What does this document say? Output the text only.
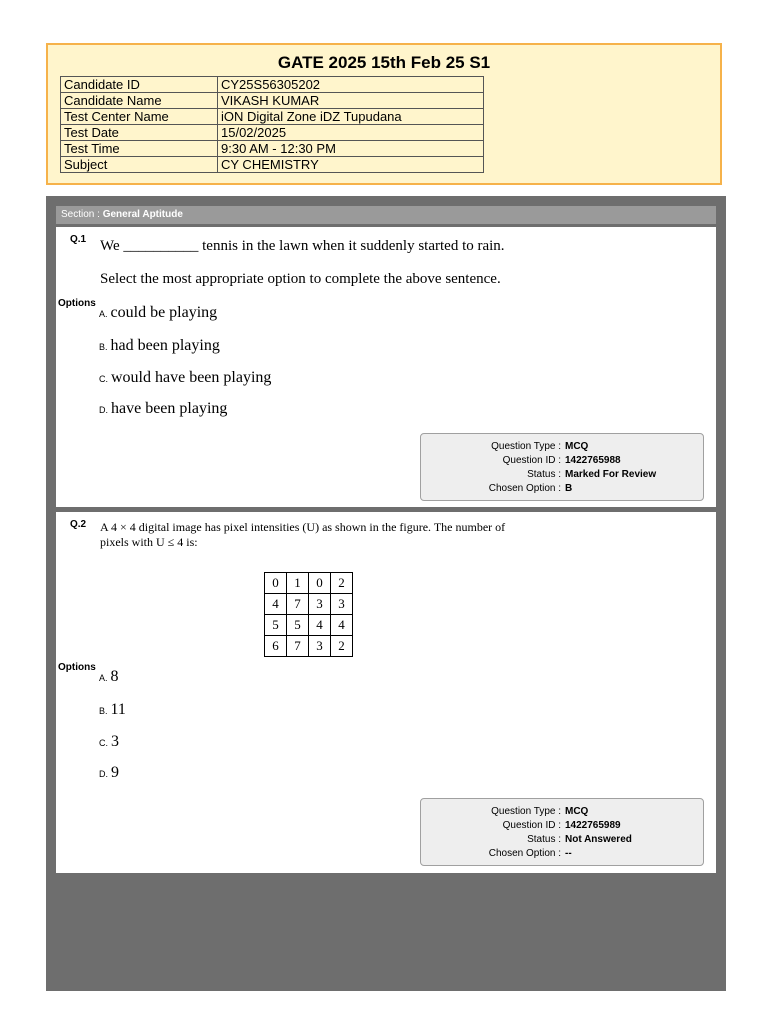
GATE 2025 15th Feb 25 S1
Candidate ID	CY25S56305202
Candidate Name	VIKASH KUMAR
Test Center Name	iON Digital Zone iDZ Tupudana
Test Date	15/02/2025
Test Time	9:30 AM - 12:30 PM
Subject	CY CHEMISTRY
Section : General Aptitude
Q.1 We __________ tennis in the lawn when it suddenly started to rain.
Select the most appropriate option to complete the above sentence.
Options
A. could be playing
B. had been playing
C. would have been playing
D. have been playing
Question Type : MCQ
Question ID : 1422765988
Status : Marked For Review
Chosen Option : B
Q.2 A 4 × 4 digital image has pixel intensities (U) as shown in the figure. The number of
pixels with U ≤ 4 is:
0	1	0	2
4	7	3	3
5	5	4	4
6	7	3	2
Options
A. 8
B. 11
C. 3
D. 9
Question Type : MCQ
Question ID : 1422765989
Status : Not Answered
Chosen Option : --
